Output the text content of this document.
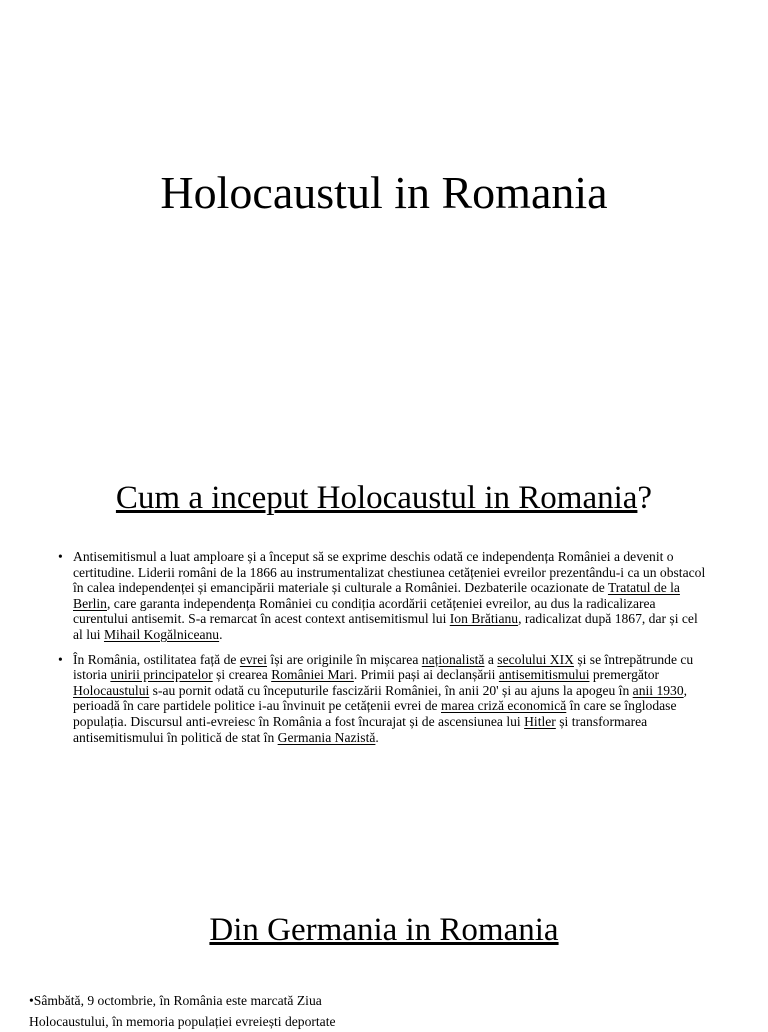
Holocaustul in Romania
Cum a inceput Holocaustul in Romania?
• Antisemitismul a luat amploare și a început să se exprime deschis odată ce independența României a devenit o certitudine. Liderii români de la 1866 au instrumentalizat chestiunea cetățeniei evreilor prezentându-i ca un obstacol în calea independenței și emancipării materiale și culturale a României. Dezbaterile ocazionate de Tratatul de la Berlin, care garanta independența României cu condiția acordării cetățeniei evreilor, au dus la radicalizarea curentului antisemit. S-a remarcat în acest context antisemitismul lui Ion Brătianu, radicalizat după 1867, dar și cel al lui Mihail Kogălniceanu.
• În România, ostilitatea față de evrei își are originile în mișcarea naționalistă a secolului XIX și se întrepătrunde cu istoria unirii principatelor și crearea României Mari. Primii pași ai declanșării antisemitismului premergător Holocaustului s-au pornit odată cu începuturile fascizării României, în anii 20' și au ajuns la apogeu în anii 1930, perioadă în care partidele politice i-au învinuit pe cetățenii evrei de marea criză economică în care se înglodase populația. Discursul anti-evreiesc în România a fost încurajat și de ascensiunea lui Hitler și transformarea antisemitismului în politică de stat în Germania Nazistă.
Din Germania in Romania

•Sâmbătă, 9 octombrie, în România este marcată Ziua

Holocaustului, în memoria populației evreiești deportate
